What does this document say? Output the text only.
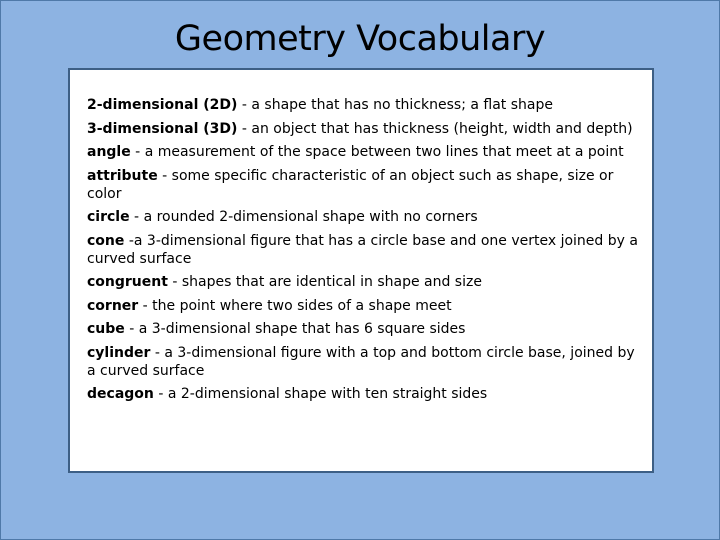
Geometry Vocabulary
2-dimensional (2D) - a shape that has no thickness; a flat shape
3-dimensional (3D) - an object that has thickness (height, width and depth)
angle - a measurement of the space between two lines that meet at a point
attribute - some specific characteristic of an object such as shape, size or color
circle - a rounded 2-dimensional shape with no corners
cone -a 3-dimensional figure that has a circle base and one vertex joined by a curved surface
congruent - shapes that are identical in shape and size
corner - the point where two sides of a shape meet
cube - a 3-dimensional shape that has 6 square sides
cylinder - a 3-dimensional figure with a top and bottom circle base, joined by a curved surface
decagon - a 2-dimensional shape with ten straight sides
